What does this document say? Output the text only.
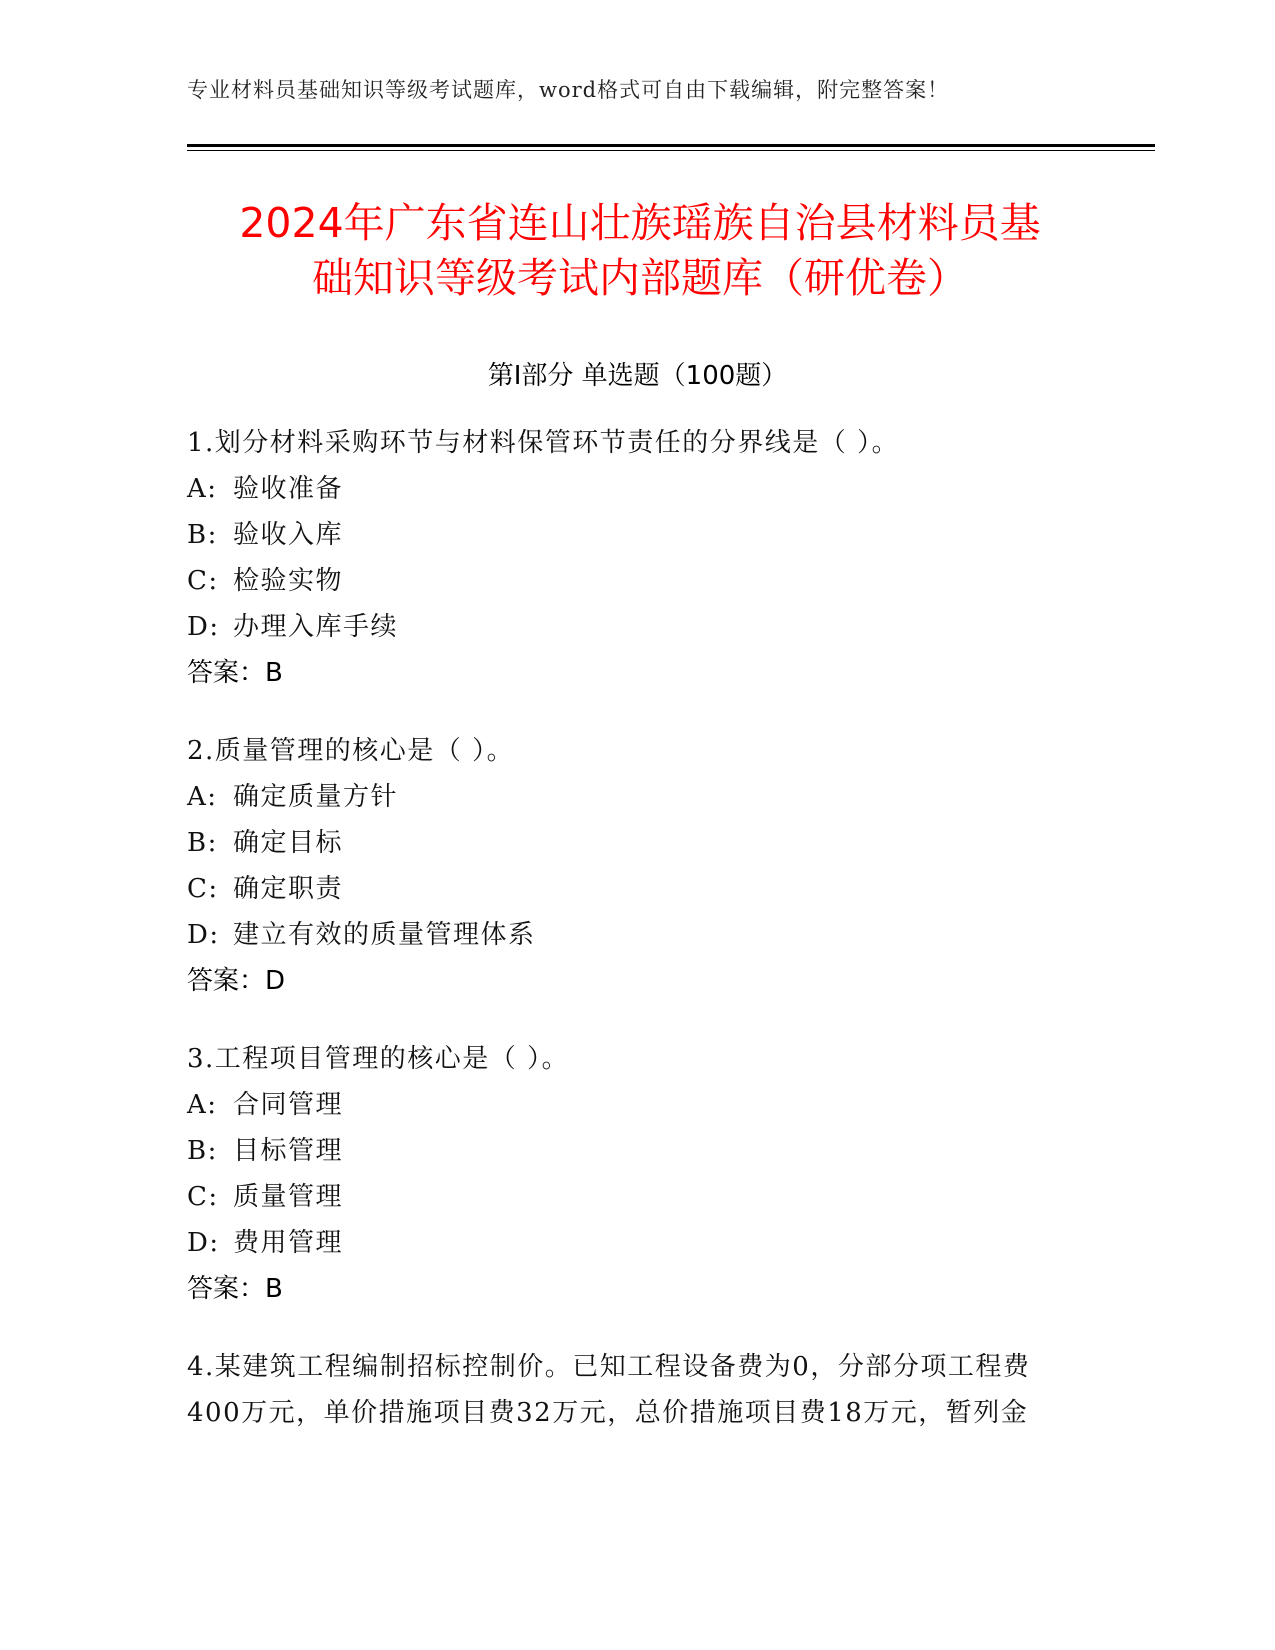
专业材料员基础知识等级考试题库，word格式可自由下载编辑，附完整答案！
2024年广东省连山壮族瑶族自治县材料员基
础知识等级考试内部题库（研优卷）
第Ⅰ部分 单选题（100题）
1.划分材料采购环节与材料保管环节责任的分界线是（ ）。
A: 验收准备
B: 验收入库
C: 检验实物
D: 办理入库手续
答案：B
2.质量管理的核心是（ ）。
A: 确定质量方针
B: 确定目标
C: 确定职责
D: 建立有效的质量管理体系
答案：D
3.工程项目管理的核心是（ ）。
A: 合同管理
B: 目标管理
C: 质量管理
D: 费用管理
答案：B
4.某建筑工程编制招标控制价。已知工程设备费为0，分部分项工程费
400万元，单价措施项目费32万元，总价措施项目费18万元，暂列金
